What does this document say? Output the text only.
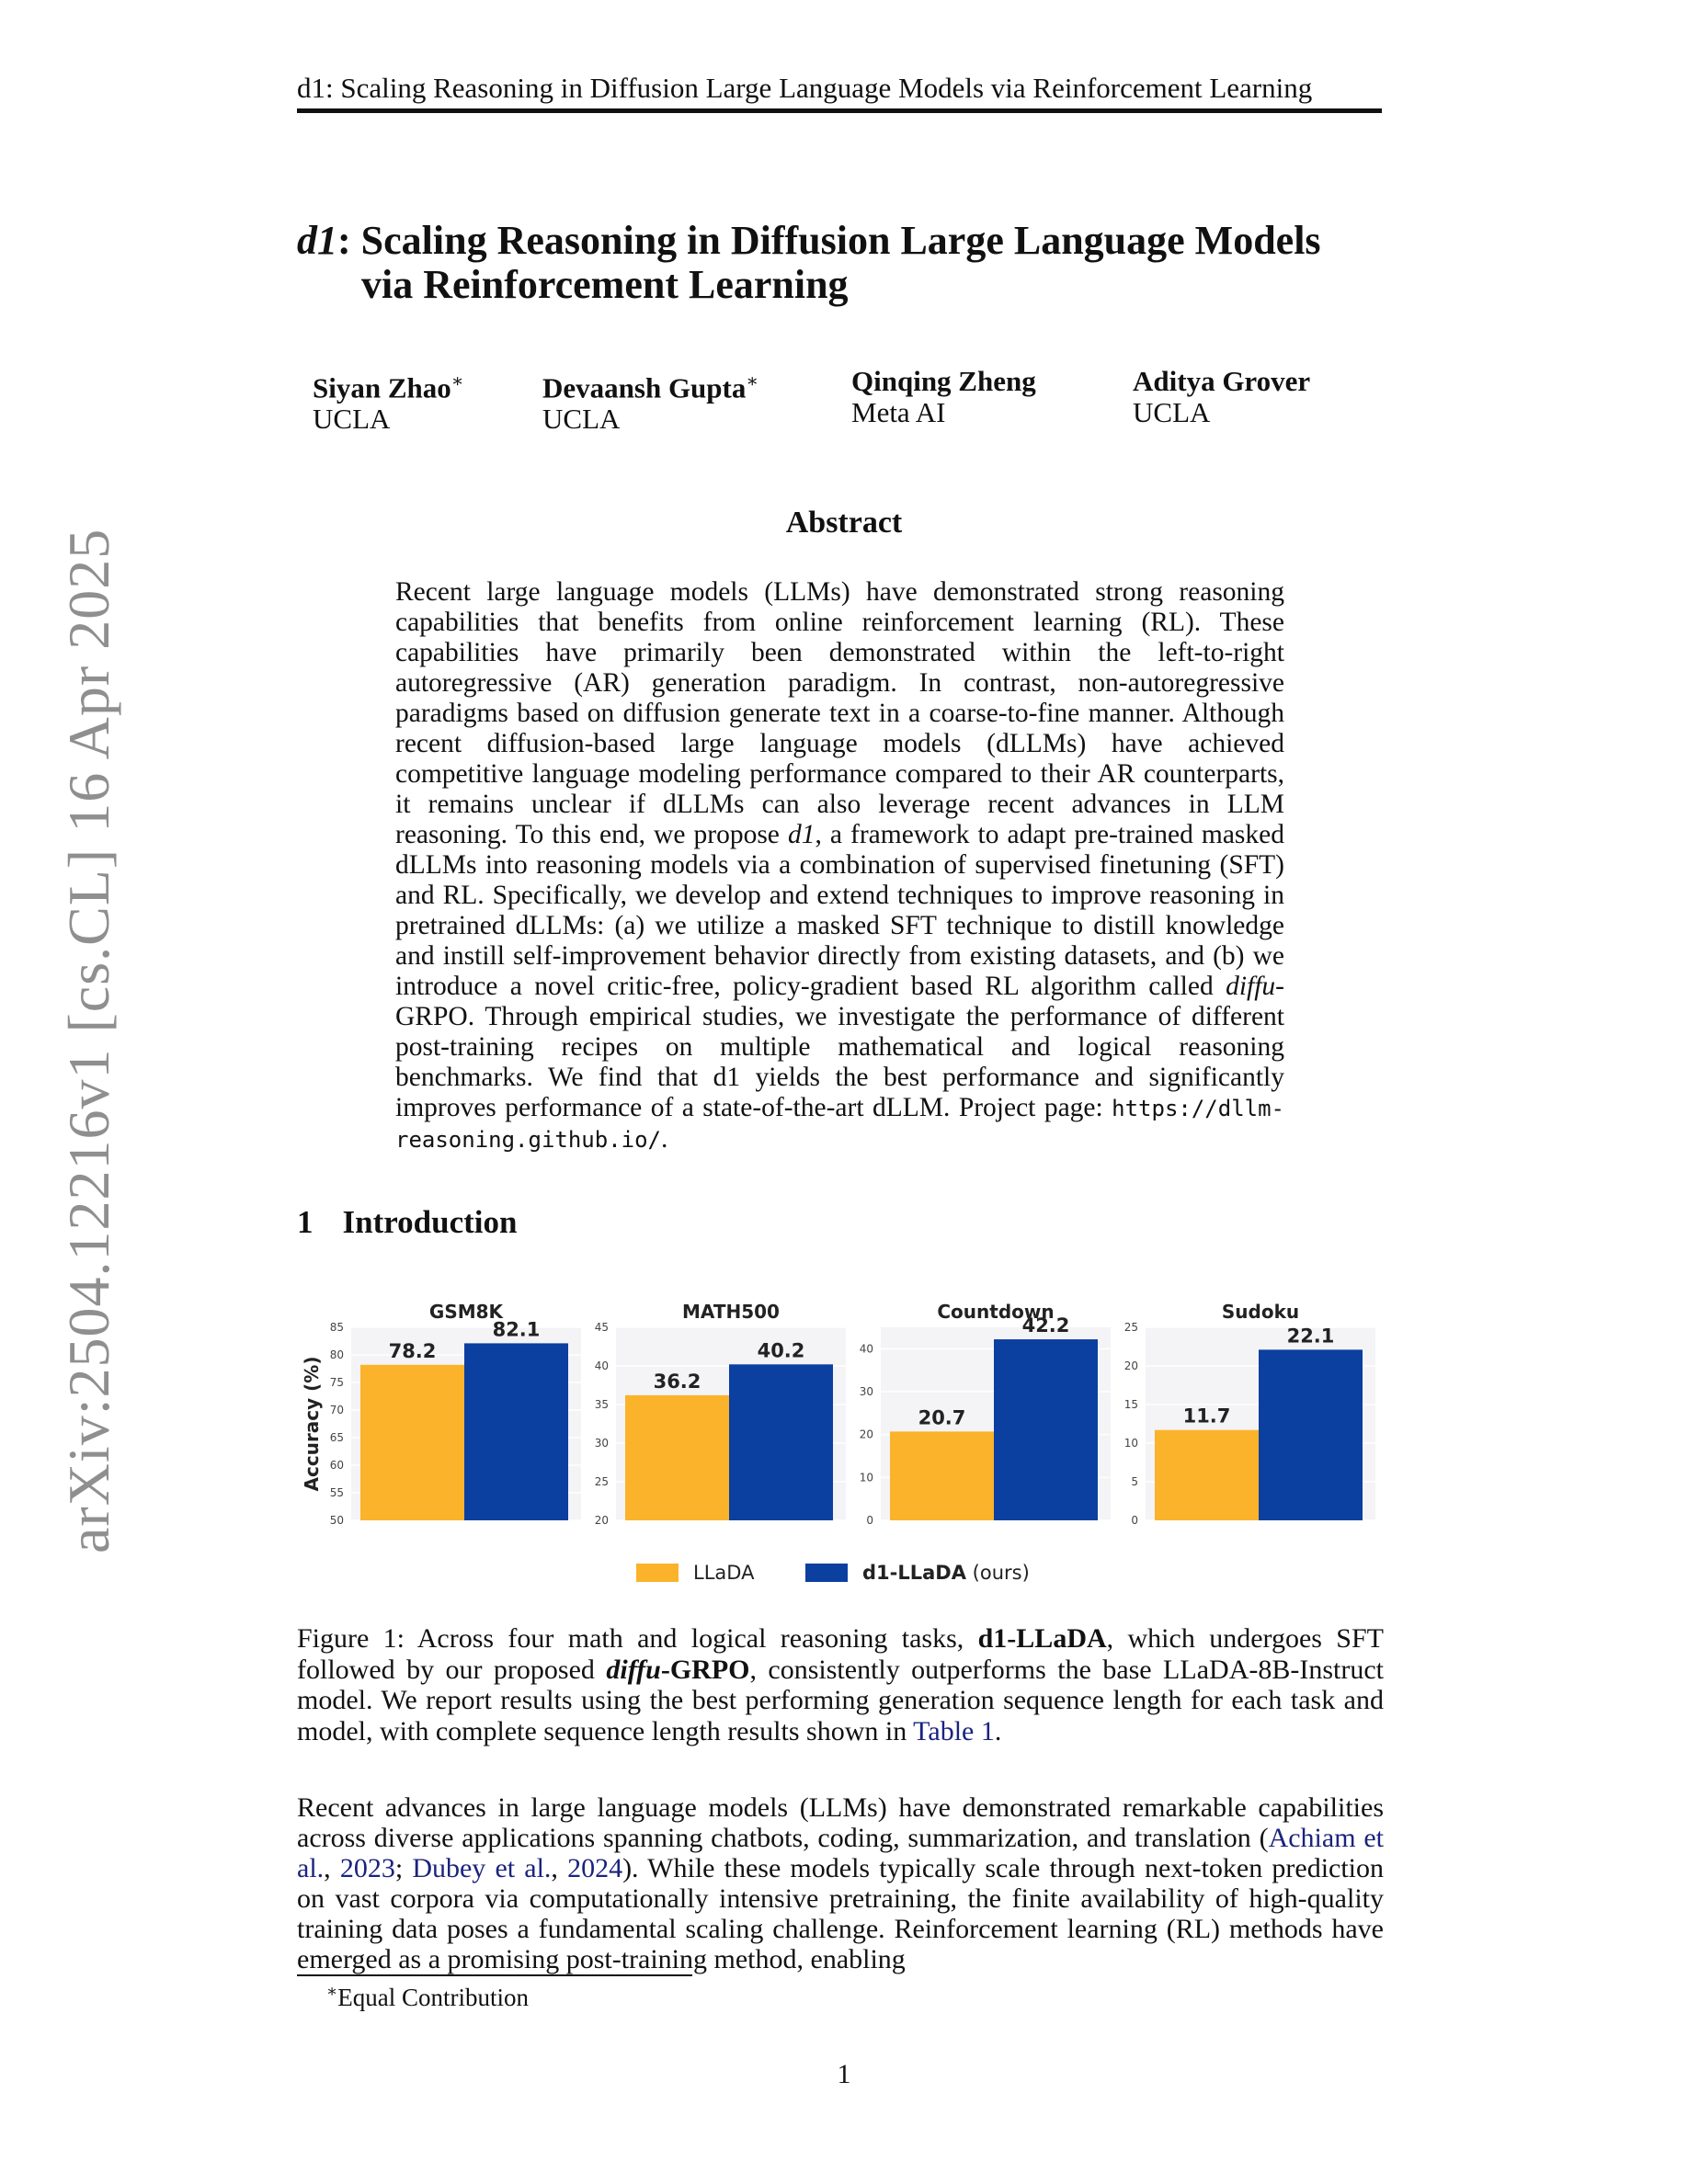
d1: Scaling Reasoning in Diffusion Large Language Models via Reinforcement Learning
d1: Scaling Reasoning in Diffusion Large Language Models
via Reinforcement Learning
Siyan Zhao∗
UCLA
Devaansh Gupta∗
UCLA
Qinqing Zheng
Meta AI
Aditya Grover
UCLA
Abstract
Recent large language models (LLMs) have demonstrated strong reasoning capabilities that benefits from online reinforcement learning (RL). These capabilities have primarily been demonstrated within the left-to-right autoregressive (AR) generation paradigm. In contrast, non-autoregressive paradigms based on diffusion generate text in a coarse-to-fine manner. Although recent diffusion-based large language models (dLLMs) have achieved competitive language modeling performance compared to their AR counterparts, it remains unclear if dLLMs can also leverage recent advances in LLM reasoning. To this end, we propose d1, a framework to adapt pre-trained masked dLLMs into reasoning models via a combination of supervised finetuning (SFT) and RL. Specifically, we develop and extend techniques to improve reasoning in pretrained dLLMs: (a) we utilize a masked SFT technique to distill knowledge and instill self-improvement behavior directly from existing datasets, and (b) we introduce a novel critic-free, policy-gradient based RL algorithm called diffu-GRPO. Through empirical studies, we investigate the performance of different post-training recipes on multiple mathematical and logical reasoning benchmarks. We find that d1 yields the best performance and significantly improves performance of a state-of-the-art dLLM. Project page: https://dllm-reasoning.github.io/.
arXiv:2504.12216v1 [cs.CL] 16 Apr 2025	1 Introduction
50
55
60
65
70
75
80
85
GSM8K
78.2
82.1
20
25
30
35
40
45
MATH500
36.2
40.2
0
10
20
30
40
Countdown
20.7
42.2
0
5
10
15
20
25
Sudoku
11.7
22.1
Accuracy (%)
LLaDA	d1-LLaDA (ours)
Figure 1: Across four math and logical reasoning tasks, d1-LLaDA, which undergoes SFT followed by our proposed diffu-GRPO, consistently outperforms the base LLaDA-8B-Instruct model. We report results using the best performing generation sequence length for each task and model, with complete sequence length results shown in Table 1.
Recent advances in large language models (LLMs) have demonstrated remarkable capabilities across diverse applications spanning chatbots, coding, summarization, and translation (Achiam et al., 2023; Dubey et al., 2024). While these models typically scale through next-token prediction on vast corpora via computationally intensive pretraining, the finite availability of high-quality training data poses a fundamental scaling challenge. Reinforcement learning (RL) methods have emerged as a promising post-training method, enabling
∗Equal Contribution
1
